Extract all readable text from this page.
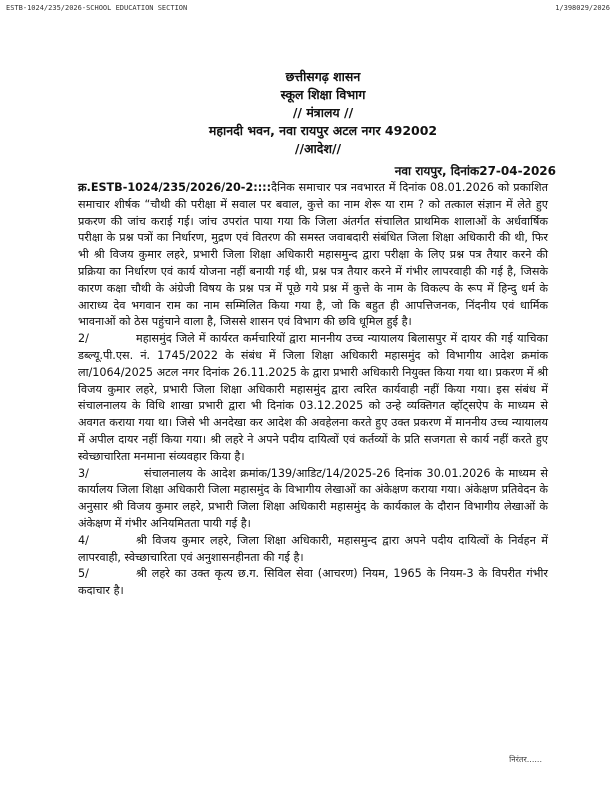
ESTB-1024/235/2026-SCHOOL EDUCATION SECTION	1/398029/2026
छत्तीसगढ़ शासन
स्कूल शिक्षा विभाग
// मंत्रालय //
महानदी भवन, नवा रायपुर अटल नगर 492002
//आदेश//
नवा रायपुर, दिनांक27-04-2026

क्र.ESTB-1024/235/2026/20-2::::दैनिक समाचार पत्र नवभारत में दिनांक 08.01.2026 को प्रकाशित समाचार शीर्षक “चौथी की परीक्षा में सवाल पर बवाल, कुत्ते का नाम शेरू या राम ? को तत्काल संज्ञान में लेते हुए प्रकरण की जांच कराई गई। जांच उपरांत पाया गया कि जिला अंतर्गत संचालित प्राथमिक शालाओं के अर्धवार्षिक परीक्षा के प्रश्न पत्रों का निर्धारण, मुद्रण एवं वितरण की समस्त जवाबदारी संबंधित जिला शिक्षा अधिकारी की थी, फिर भी श्री विजय कुमार लहरे, प्रभारी जिला शिक्षा अधिकारी महासमुन्द द्वारा परीक्षा के लिए प्रश्न पत्र तैयार करने की प्रक्रिया का निर्धारण एवं कार्य योजना नहीं बनायी गई थी, प्रश्न पत्र तैयार करने में गंभीर लापरवाही की गई है, जिसके कारण कक्षा चौथी के अंग्रेजी विषय के प्रश्न पत्र में पूछे गये प्रश्न में कुत्ते के नाम के विकल्प के रूप में हिन्दु धर्म के आराध्य देव भगवान राम का नाम सम्मिलित किया गया है, जो कि बहुत ही आपत्तिजनक, निंदनीय एवं धार्मिक भावनाओं को ठेस पहुंचाने वाला है, जिससे शासन एवं विभाग की छवि धूमिल हुई है।

2/	महासमुंद जिले में कार्यरत कर्मचारियों द्वारा माननीय उच्च न्यायालय बिलासपुर में दायर की गई याचिका डब्ल्यू.पी.एस. नं. 1745/2022 के संबंध में जिला शिक्षा अधिकारी महासमुंद को विभागीय आदेश क्रमांक ला/1064/2025 अटल नगर दिनांक 26.11.2025 के द्वारा प्रभारी अधिकारी नियुक्त किया गया था। प्रकरण में श्री विजय कुमार लहरे, प्रभारी जिला शिक्षा अधिकारी महासमुंद द्वारा त्वरित कार्यवाही नहीं किया गया। इस संबंध में संचालनालय के विधि शाखा प्रभारी द्वारा भी दिनांक 03.12.2025 को उन्हे व्यक्तिगत व्हॉट्सऐप के माध्यम से अवगत कराया गया था। जिसे भी अनदेखा कर आदेश की अवहेलना करते हुए उक्त प्रकरण में माननीय उच्च न्यायालय में अपील दायर नहीं किया गया। श्री लहरे ने अपने पदीय दायित्वों एवं कर्तव्यों के प्रति सजगता से कार्य नहीं करते हुए स्वेच्छाचारिता मनमाना संव्यवहार किया है।

3/	संचालनालय के आदेश क्रमांक/139/आडिट/14/2025-26 दिनांक 30.01.2026 के माध्यम से कार्यालय जिला शिक्षा अधिकारी जिला महासमुंद के विभागीय लेखाओं का अंकेक्षण कराया गया। अंकेक्षण प्रतिवेदन के अनुसार श्री विजय कुमार लहरे, प्रभारी जिला शिक्षा अधिकारी महासमुंद के कार्यकाल के दौरान विभागीय लेखाओं के अंकेक्षण में गंभीर अनियमितता पायी गई है।

4/	श्री विजय कुमार लहरे, जिला शिक्षा अधिकारी, महासमुन्द द्वारा अपने पदीय दायित्वों के निर्वहन में लापरवाही, स्वेच्छाचारिता एवं अनुशासनहीनता की गई है।

5/	श्री लहरे का उक्त कृत्य छ.ग. सिविल सेवा (आचरण) नियम, 1965 के नियम-3 के विपरीत गंभीर कदाचार है।

निरंतर......
